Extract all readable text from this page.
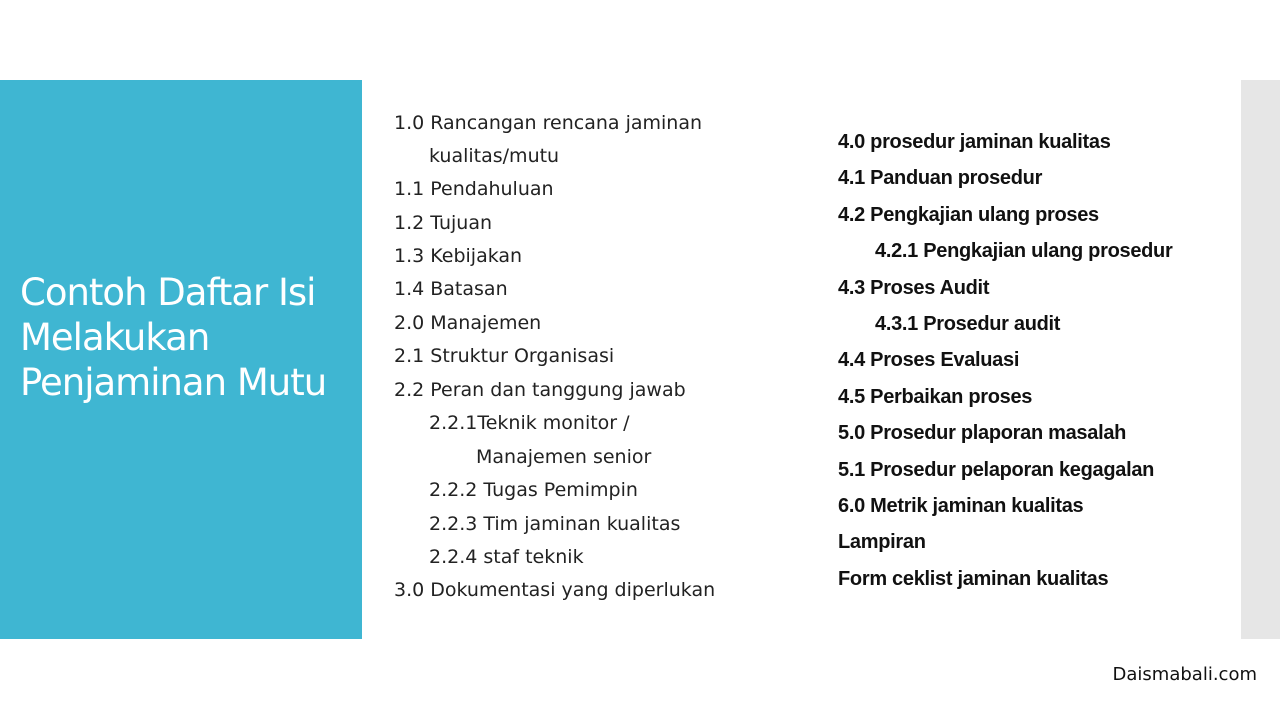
Contoh Daftar Isi
Melakukan
Penjaminan Mutu
1.0 Rancangan rencana jaminan
kualitas/mutu
1.1 Pendahuluan
1.2 Tujuan
1.3 Kebijakan
1.4 Batasan
2.0 Manajemen
2.1 Struktur Organisasi
2.2 Peran dan tanggung jawab
2.2.1Teknik monitor /
Manajemen senior
2.2.2 Tugas Pemimpin
2.2.3 Tim jaminan kualitas
2.2.4 staf teknik
3.0 Dokumentasi yang diperlukan
4.0 prosedur jaminan kualitas
4.1 Panduan prosedur
4.2 Pengkajian ulang proses
4.2.1 Pengkajian ulang prosedur
4.3 Proses Audit
4.3.1 Prosedur audit
4.4 Proses Evaluasi
4.5 Perbaikan proses
5.0 Prosedur plaporan masalah
5.1 Prosedur pelaporan kegagalan
6.0 Metrik jaminan kualitas
Lampiran
Form ceklist jaminan kualitas
Daismabali.com
